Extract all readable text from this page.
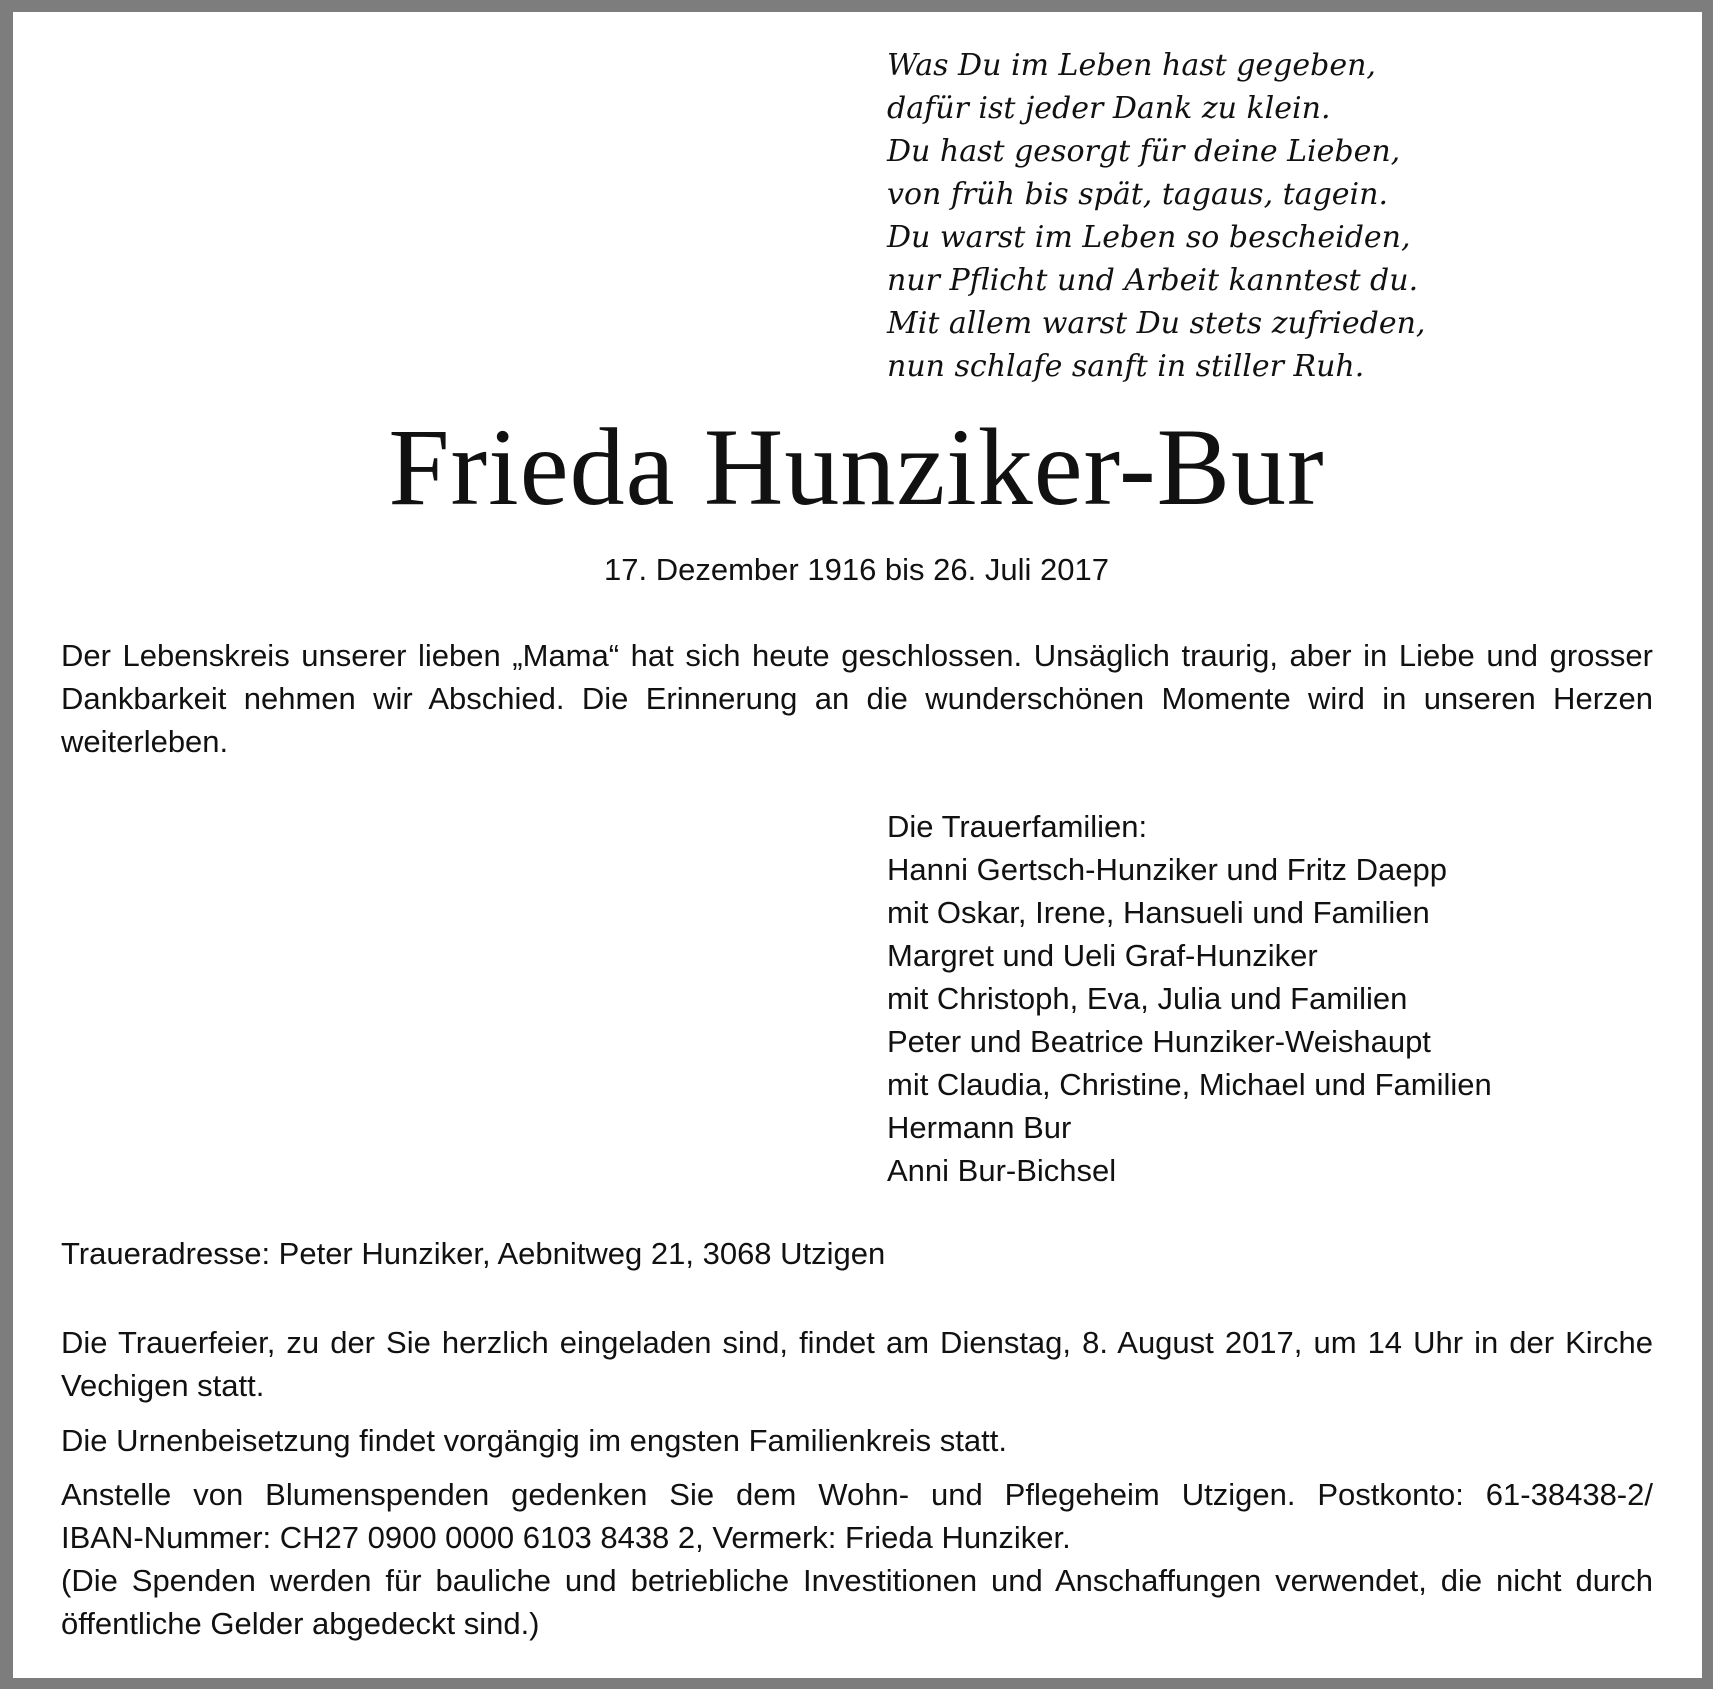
Was Du im Leben hast gegeben,
dafür ist jeder Dank zu klein.
Du hast gesorgt für deine Lieben,
von früh bis spät, tagaus, tagein.
Du warst im Leben so bescheiden,
nur Pflicht und Arbeit kanntest du.
Mit allem warst Du stets zufrieden,
nun schlafe sanft in stiller Ruh.
Frieda Hunziker-Bur
17. Dezember 1916 bis 26. Juli 2017
Der Lebenskreis unserer lieben „Mama“ hat sich heute geschlossen. Unsäglich traurig, aber in Liebe und grosser Dankbarkeit nehmen wir Abschied. Die Erinnerung an die wunderschönen Momente wird in unseren Herzen weiterleben.
Die Trauerfamilien:
Hanni Gertsch-Hunziker und Fritz Daepp
mit Oskar, Irene, Hansueli und Familien
Margret und Ueli Graf-Hunziker
mit Christoph, Eva, Julia und Familien
Peter und Beatrice Hunziker-Weishaupt
mit Claudia, Christine, Michael und Familien
Hermann Bur
Anni Bur-Bichsel
Traueradresse: Peter Hunziker, Aebnitweg 21, 3068 Utzigen
Die Trauerfeier, zu der Sie herzlich eingeladen sind, findet am Dienstag, 8. August 2017, um 14 Uhr in der Kirche Vechigen statt.
Die Urnenbeisetzung findet vorgängig im engsten Familienkreis statt.
Anstelle von Blumenspenden gedenken Sie dem Wohn- und Pflegeheim Utzigen. Postkonto: 61-38438-2/
IBAN-Nummer: CH27 0900 0000 6103 8438 2, Vermerk: Frieda Hunziker.
(Die Spenden werden für bauliche und betriebliche Investitionen und Anschaffungen verwendet, die nicht durch öffentliche Gelder abgedeckt sind.)
